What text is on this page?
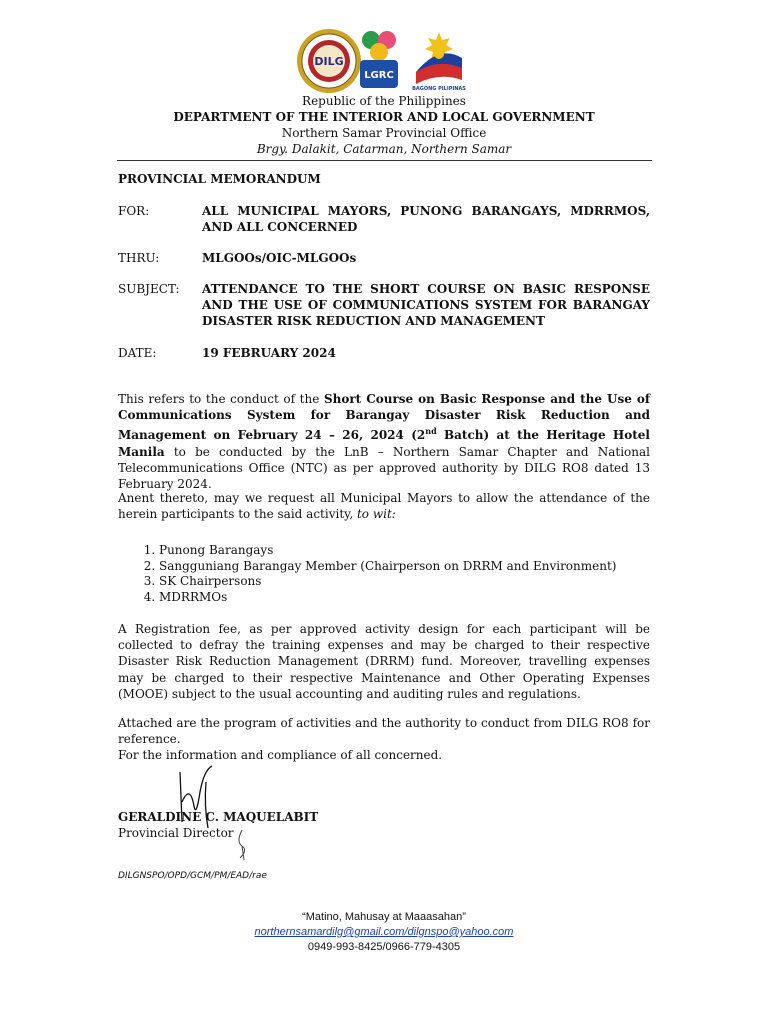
DILG
LGRC
BAGONG PILIPINAS
Republic of the Philippines
DEPARTMENT OF THE INTERIOR AND LOCAL GOVERNMENT
Northern Samar Provincial Office
Brgy. Dalakit, Catarman, Northern Samar
PROVINCIAL MEMORANDUM
FOR:	ALL MUNICIPAL MAYORS, PUNONG BARANGAYS, MDRRMOS, AND ALL CONCERNED
THRU:	MLGOOs/OIC-MLGOOs
SUBJECT:	ATTENDANCE TO THE SHORT COURSE ON BASIC RESPONSE AND THE USE OF COMMUNICATIONS SYSTEM FOR BARANGAY DISASTER RISK REDUCTION AND MANAGEMENT
DATE:	19 FEBRUARY 2024
This refers to the conduct of the Short Course on Basic Response and the Use of Communications System for Barangay Disaster Risk Reduction and Management on February 24 – 26, 2024 (2nd Batch) at the Heritage Hotel Manila to be conducted by the LnB – Northern Samar Chapter and National Telecommunications Office (NTC) as per approved authority by DILG RO8 dated 13 February 2024.
Anent thereto, may we request all Municipal Mayors to allow the attendance of the herein participants to the said activity, to wit:
1. Punong Barangays
2. Sangguniang Barangay Member (Chairperson on DRRM and Environment)
3. SK Chairpersons
4. MDRRMOs
A Registration fee, as per approved activity design for each participant will be collected to defray the training expenses and may be charged to their respective Disaster Risk Reduction Management (DRRM) fund. Moreover, travelling expenses may be charged to their respective Maintenance and Other Operating Expenses (MOOE) subject to the usual accounting and auditing rules and regulations.
Attached are the program of activities and the authority to conduct from DILG RO8 for reference.
For the information and compliance of all concerned.
GERALDINE C. MAQUELABIT
Provincial Director
DILGNSPO/OPD/GCM/PM/EAD/rae
“Matino, Mahusay at Maaasahan”
northernsamardilg@gmail.com/dilgnspo@yahoo.com
0949-993-8425/0966-779-4305
